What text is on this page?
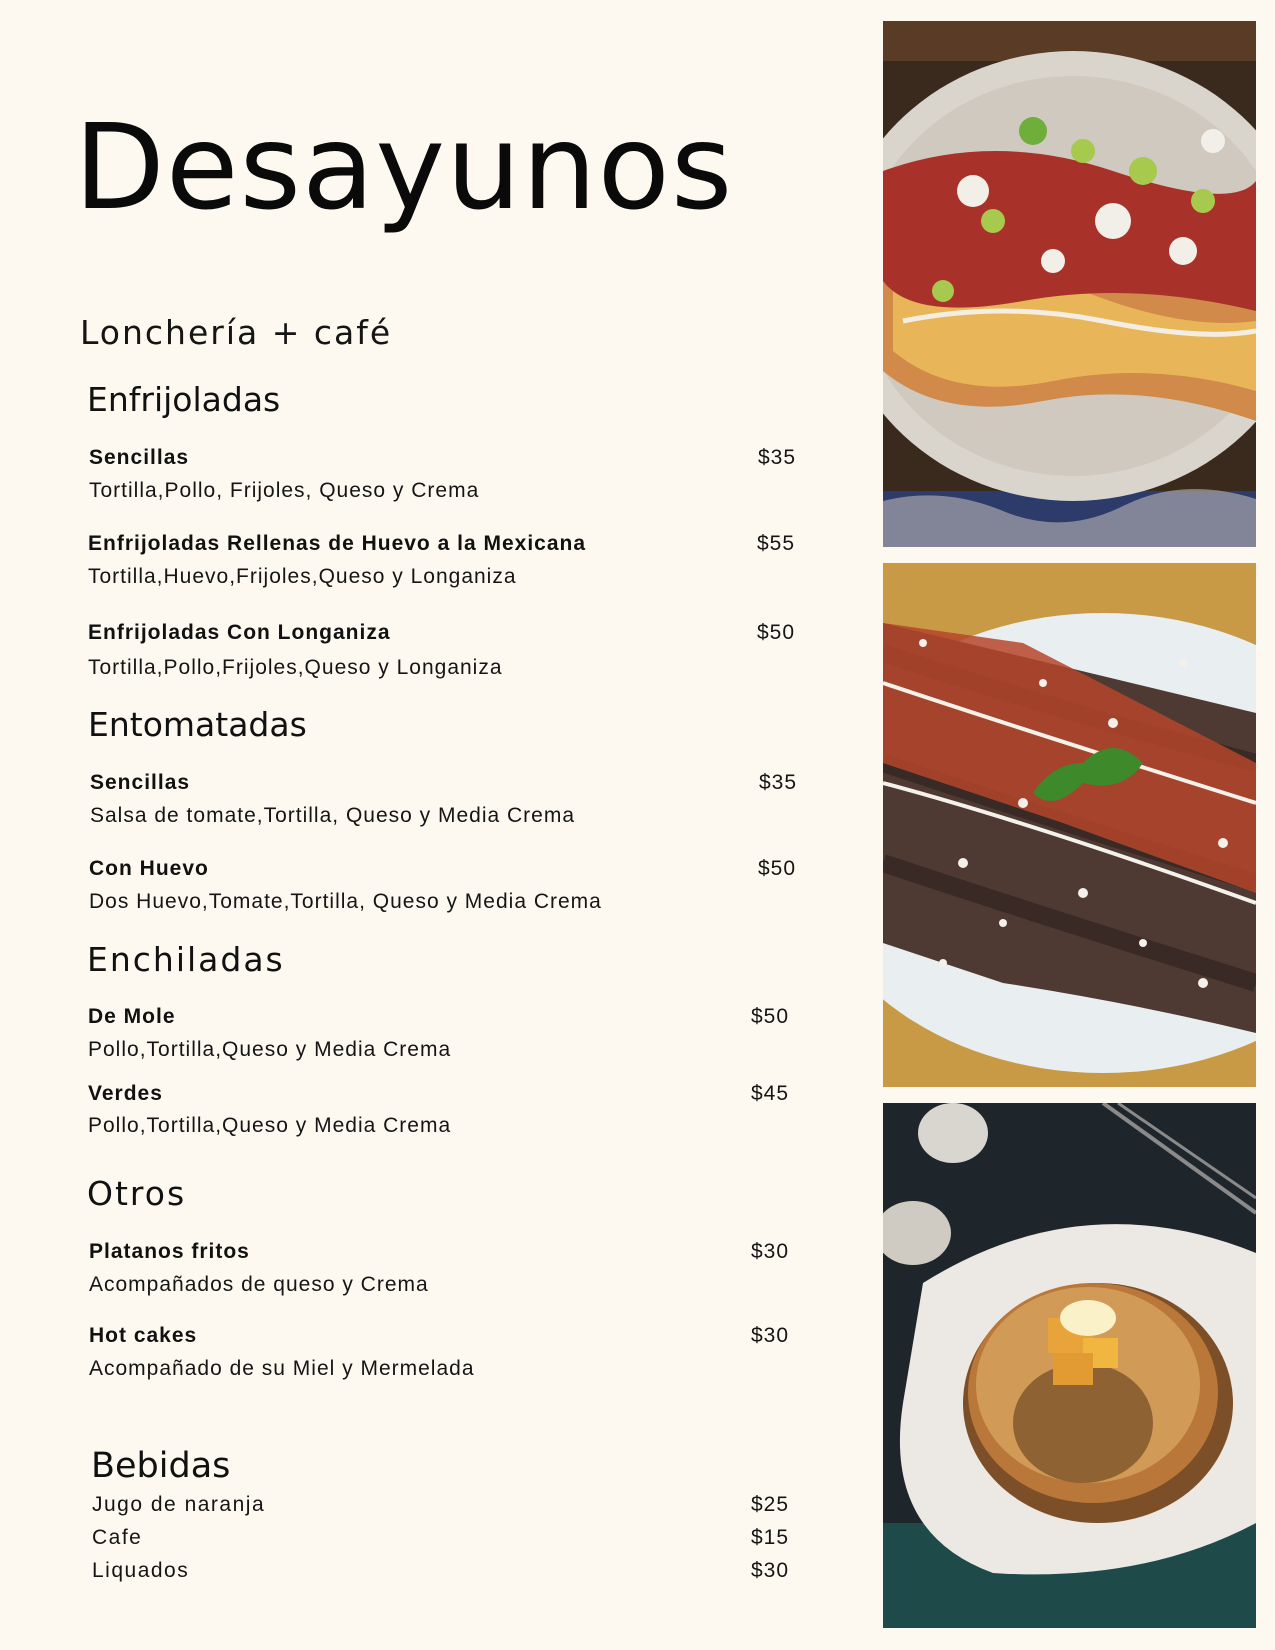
Desayunos
Lonchería + café
Enfrijoladas
Sencillas	$35
Tortilla,Pollo, Frijoles, Queso y Crema
Enfrijoladas Rellenas de Huevo a la Mexicana	$55
Tortilla,Huevo,Frijoles,Queso y Longaniza
Enfrijoladas Con Longaniza	$50
Tortilla,Pollo,Frijoles,Queso y Longaniza
Entomatadas
Sencillas	$35
Salsa de tomate,Tortilla, Queso y Media Crema
Con Huevo	$50
Dos Huevo,Tomate,Tortilla, Queso y Media Crema
Enchiladas
De Mole	$50
Pollo,Tortilla,Queso y Media Crema
Verdes	$45
Pollo,Tortilla,Queso y Media Crema
Otros
Platanos fritos	$30
Acompañados de queso y Crema
Hot cakes	$30
Acompañado de su Miel y Mermelada
Bebidas
Jugo de naranja	$25
Cafe	$15
Liquados	$30
